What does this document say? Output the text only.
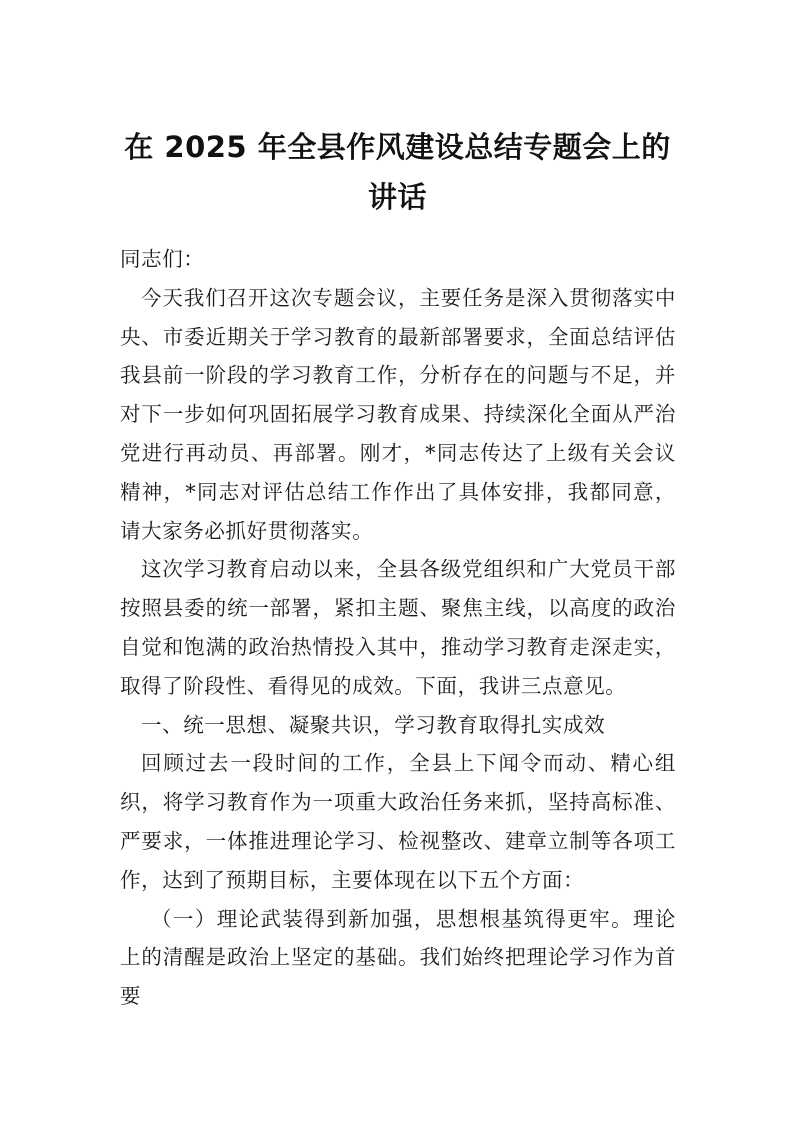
在 2025 年全县作风建设总结专题会上的讲话

同志们：

今天我们召开这次专题会议，主要任务是深入贯彻落实中央、市委近期关于学习教育的最新部署要求，全面总结评估我县前一阶段的学习教育工作，分析存在的问题与不足，并对下一步如何巩固拓展学习教育成果、持续深化全面从严治党进行再动员、再部署。刚才，*同志传达了上级有关会议精神，*同志对评估总结工作作出了具体安排，我都同意，请大家务必抓好贯彻落实。

这次学习教育启动以来，全县各级党组织和广大党员干部按照县委的统一部署，紧扣主题、聚焦主线，以高度的政治自觉和饱满的政治热情投入其中，推动学习教育走深走实，取得了阶段性、看得见的成效。下面，我讲三点意见。

一、统一思想、凝聚共识，学习教育取得扎实成效

回顾过去一段时间的工作，全县上下闻令而动、精心组织，将学习教育作为一项重大政治任务来抓，坚持高标准、严要求，一体推进理论学习、检视整改、建章立制等各项工作，达到了预期目标，主要体现在以下五个方面：

（一）理论武装得到新加强，思想根基筑得更牢。理论上的清醒是政治上坚定的基础。我们始终把理论学习作为首要
